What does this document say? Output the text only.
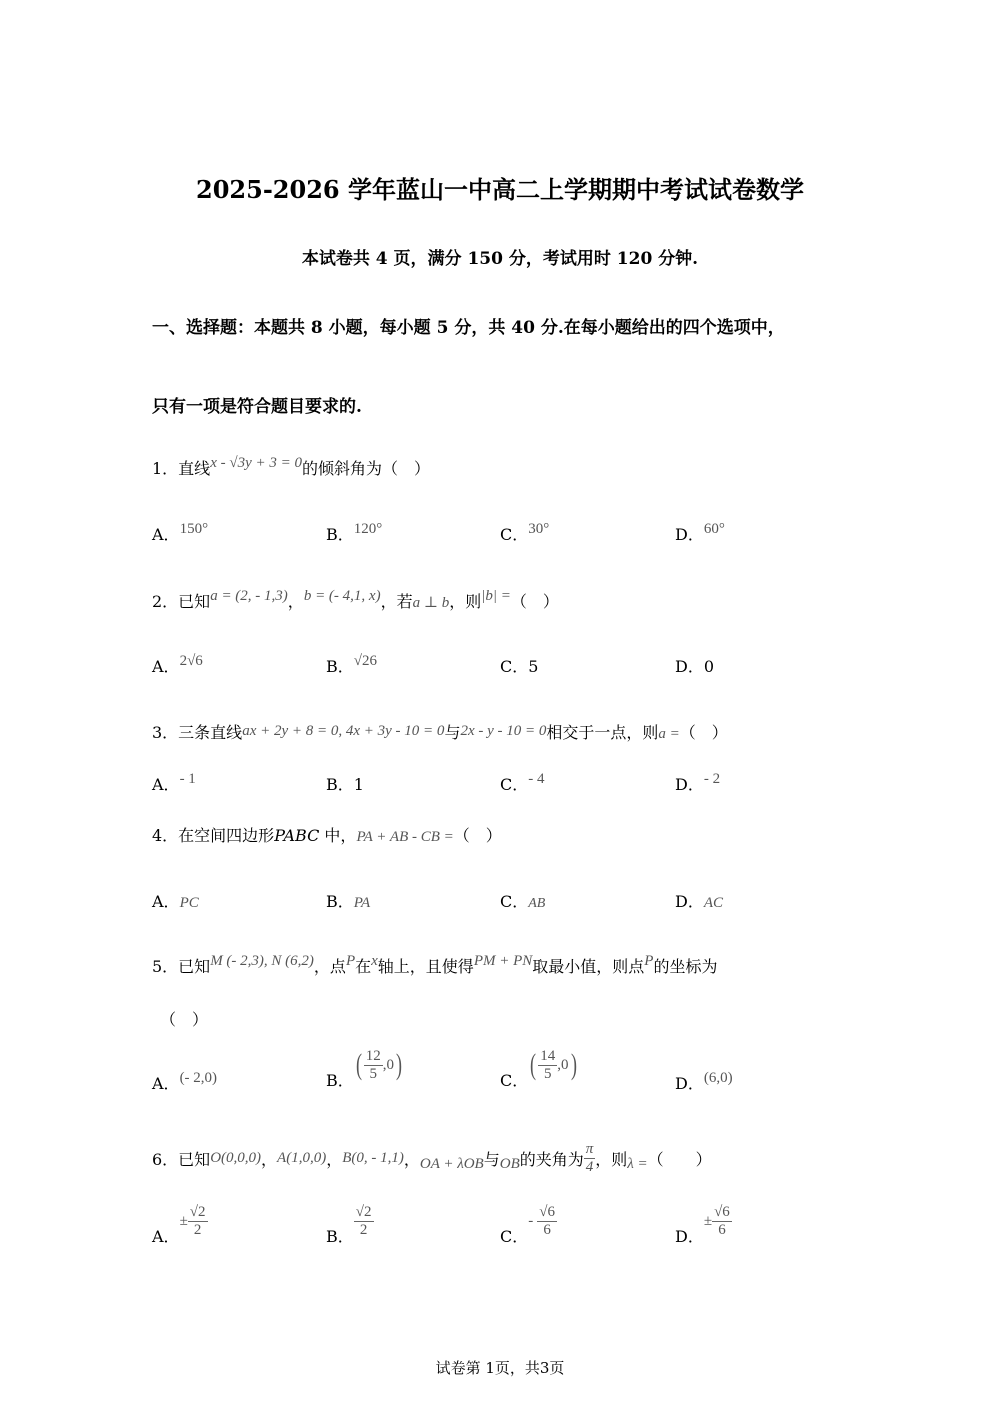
2025-2026 学年蓝山一中高二上学期期中考试试卷数学
本试卷共 4 页，满分 150 分，考试用时 120 分钟.
一、选择题：本题共 8 小题，每小题 5 分，共 40 分.在每小题给出的四个选项中，
只有一项是符合题目要求的.
1．直线x - √3y + 3 = 0的倾斜角为（　）
A．150°	B．120°	C．30°	D．60°
2．已知a = (2, - 1,3)，b = (- 4,1, x)，若a ⊥ b，则|b| =（　）
A．2√6	B．√26	C．5	D．0
3．三条直线ax + 2y + 8 = 0, 4x + 3y - 10 = 0与2x - y - 10 = 0相交于一点，则a =（　）
A．- 1	B．1	C．- 4	D．- 2
4．在空间四边形PABC 中，PA + AB - CB =（　）
A．PC	B．PA	C．AB	D．AC
5．已知M (- 2,3), N (6,2)，点P在x轴上，且使得PM + PN取最小值，则点P的坐标为
（　）
A．(- 2,0)	B． ( $\frac{12}{5} ,0$ )	C． ( $\frac{14}{5} ,0$ )
D．(6,0)
6．已知 O(0,0,0) ， A(1,0,0) ， B(0, - 1,1) ， OA + λOB 与 OB 的夹角为 $\frac{\pi}{4}$ ，则 λ = （　　）
A．
± $\frac{√2}{2}$	B． $\frac{√2}{2}$	C．
- $\frac{√6}{6}$	D．
± $\frac{√6}{6}$
试卷第 1页，共3页
